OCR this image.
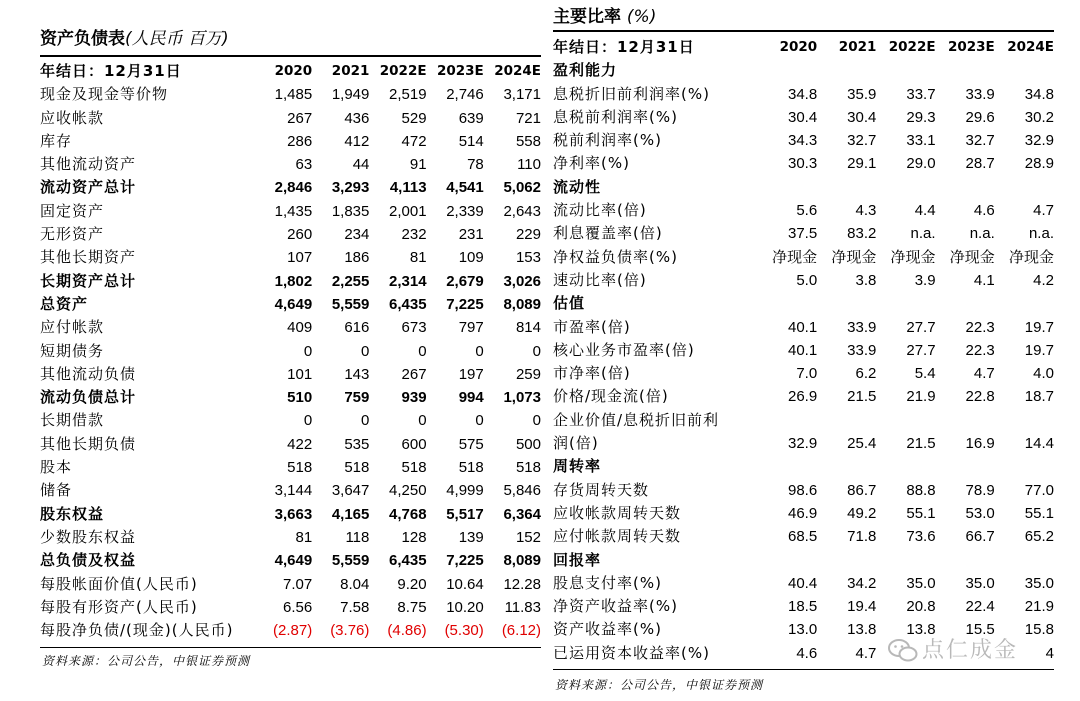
资产负债表(人民币 百万)
年结日：12月31日	2020	2021	2022E	2023E	2024E
现金及现金等价物	1,485	1,949	2,519	2,746	3,171
应收帐款	267	436	529	639	721
库存	286	412	472	514	558
其他流动资产	63	44	91	78	110
流动资产总计	2,846	3,293	4,113	4,541	5,062
固定资产	1,435	1,835	2,001	2,339	2,643
无形资产	260	234	232	231	229
其他长期资产	107	186	81	109	153
长期资产总计	1,802	2,255	2,314	2,679	3,026
总资产	4,649	5,559	6,435	7,225	8,089
应付帐款	409	616	673	797	814
短期债务	0	0	0	0	0
其他流动负债	101	143	267	197	259
流动负债总计	510	759	939	994	1,073
长期借款	0	0	0	0	0
其他长期负债	422	535	600	575	500
股本	518	518	518	518	518
储备	3,144	3,647	4,250	4,999	5,846
股东权益	3,663	4,165	4,768	5,517	6,364
少数股东权益	81	118	128	139	152
总负债及权益	4,649	5,559	6,435	7,225	8,089
每股帐面价值(人民币)	7.07	8.04	9.20	10.64	12.28
每股有形资产(人民币)	6.56	7.58	8.75	10.20	11.83
每股净负债/(现金)(人民币)	(2.87)	(3.76)	(4.86)	(5.30)	(6.12)
资料来源：公司公告，中银证券预测
主要比率 (%)
年结日：12月31日	2020	2021	2022E	2023E	2024E
盈利能力					
息税折旧前利润率(%)	34.8	35.9	33.7	33.9	34.8
息税前利润率(%)	30.4	30.4	29.3	29.6	30.2
税前利润率(%)	34.3	32.7	33.1	32.7	32.9
净利率(%)	30.3	29.1	29.0	28.7	28.9
流动性					
流动比率(倍)	5.6	4.3	4.4	4.6	4.7
利息覆盖率(倍)	37.5	83.2	n.a.	n.a.	n.a.
净权益负债率(%)	净现金	净现金	净现金	净现金	净现金
速动比率(倍)	5.0	3.8	3.9	4.1	4.2
估值					
市盈率(倍)	40.1	33.9	27.7	22.3	19.7
核心业务市盈率(倍)	40.1	33.9	27.7	22.3	19.7
市净率(倍)	7.0	6.2	5.4	4.7	4.0
价格/现金流(倍)	26.9	21.5	21.9	22.8	18.7
企业价值/息税折旧前利					
润(倍)	32.9	25.4	21.5	16.9	14.4
周转率					
存货周转天数	98.6	86.7	88.8	78.9	77.0
应收帐款周转天数	46.9	49.2	55.1	53.0	55.1
应付帐款周转天数	68.5	71.8	73.6	66.7	65.2
回报率					
股息支付率(%)	40.4	34.2	35.0	35.0	35.0
净资产收益率(%)	18.5	19.4	20.8	22.4	21.9
资产收益率(%)	13.0	13.8	13.8	15.5	15.8
已运用资本收益率(%)	4.6	4.7			4
资料来源：公司公告，中银证券预测
点仁成金
